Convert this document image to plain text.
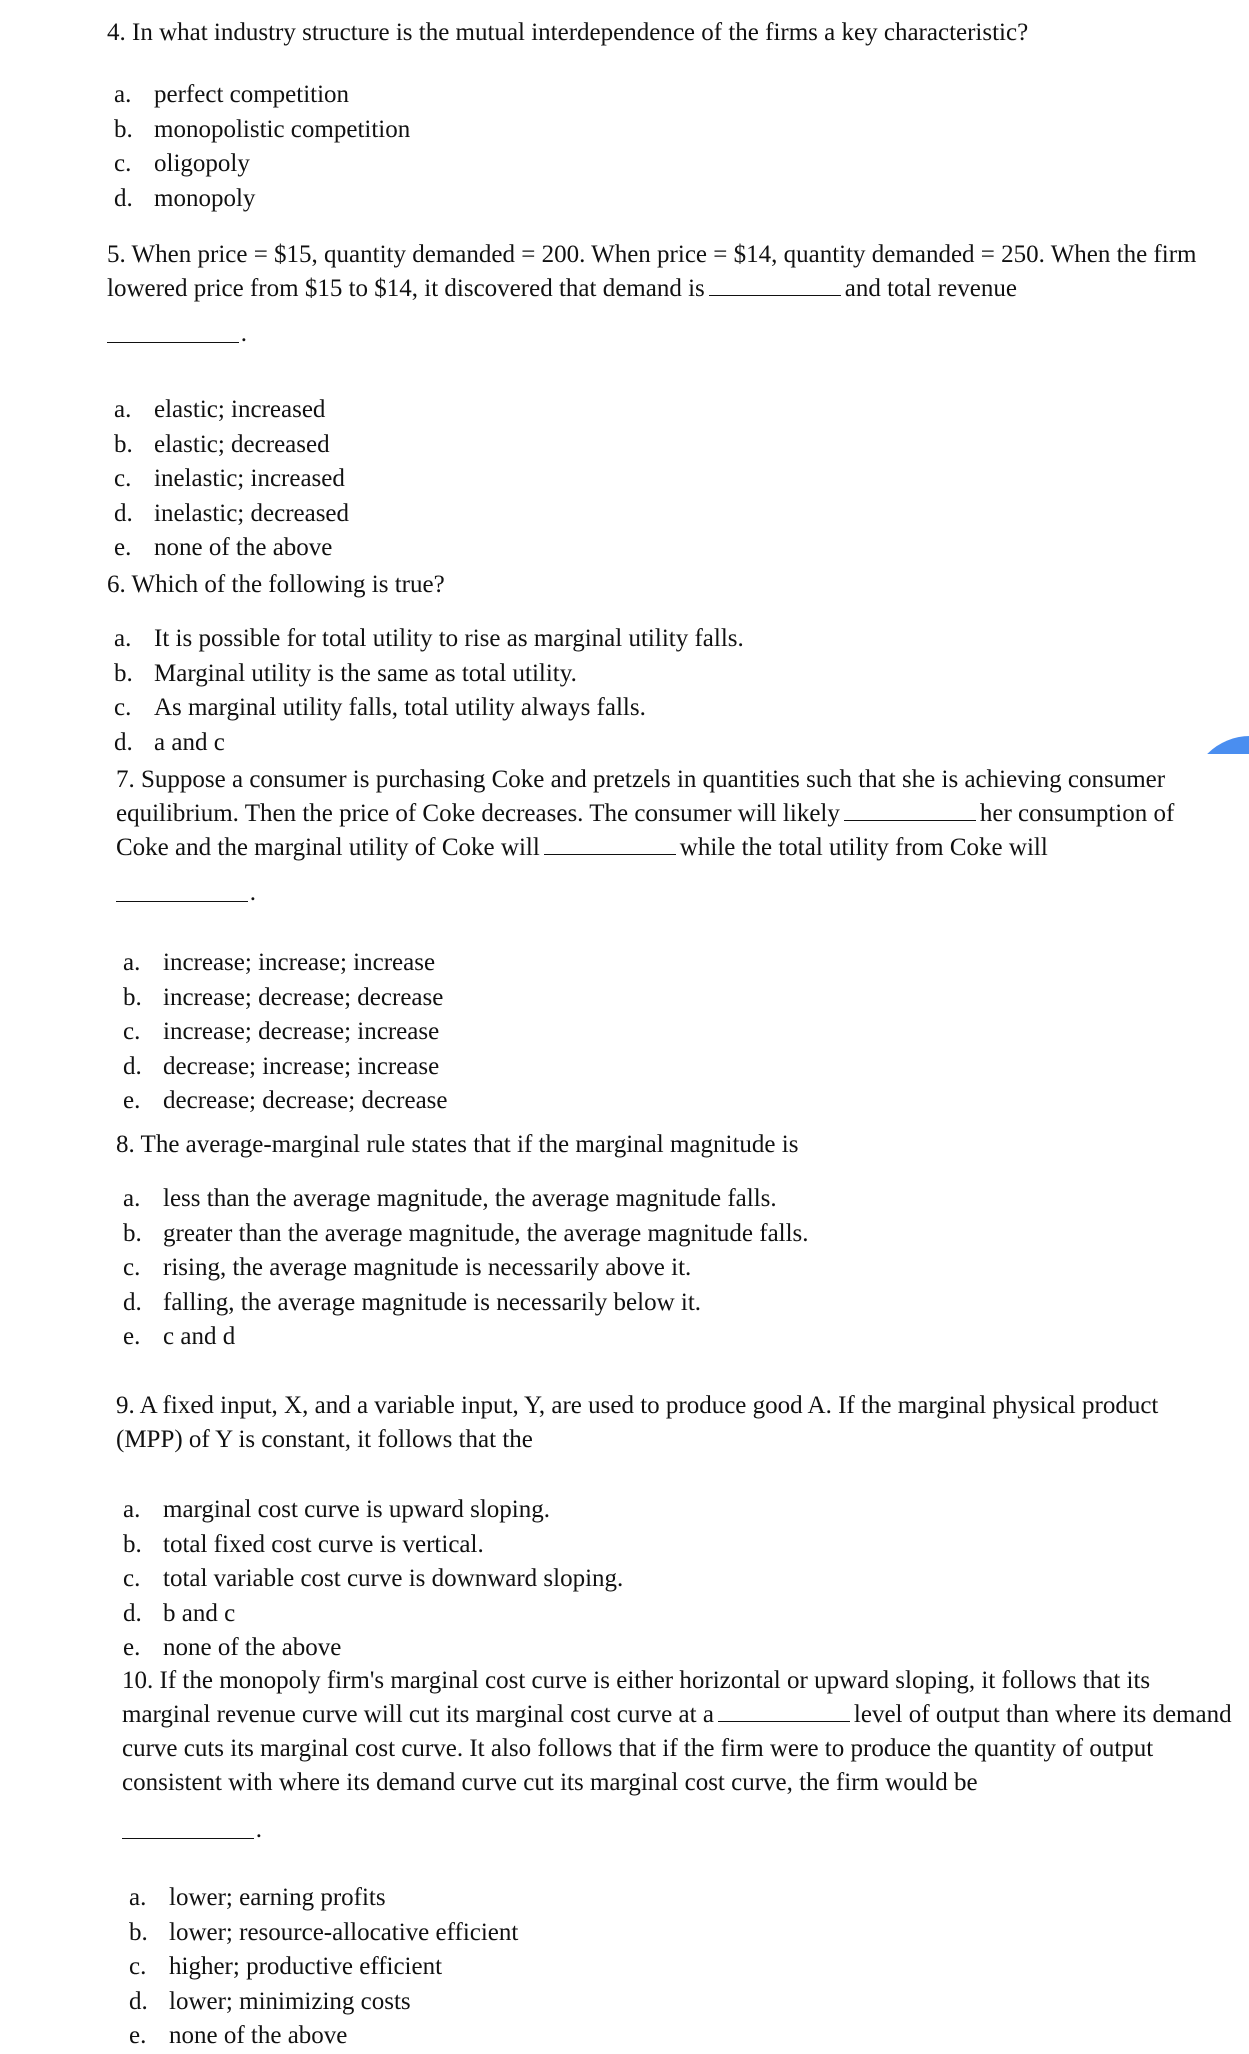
4. In what industry structure is the mutual interdependence of the firms a key characteristic?

a. perfect competition
b. monopolistic competition
c. oligopoly
d. monopoly

5. When price = $15, quantity demanded = 200. When price = $14, quantity demanded = 250. When the firm lowered price from $15 to $14, it discovered that demand is	and total revenue

.
a. elastic; increased
b. elastic; decreased
c. inelastic; increased
d. inelastic; decreased
e. none of the above

6. Which of the following is true?

a. It is possible for total utility to rise as marginal utility falls.
b. Marginal utility is the same as total utility.
c. As marginal utility falls, total utility always falls.
d. a and c

7. Suppose a consumer is purchasing Coke and pretzels in quantities such that she is achieving consumer equilibrium. Then the price of Coke decreases. The consumer will likely	her consumption of Coke and the marginal utility of Coke will	while the total utility from Coke will

.
a. increase; increase; increase
b. increase; decrease; decrease
c. increase; decrease; increase
d. decrease; increase; increase
e. decrease; decrease; decrease

8. The average-marginal rule states that if the marginal magnitude is

a. less than the average magnitude, the average magnitude falls.
b. greater than the average magnitude, the average magnitude falls.
c. rising, the average magnitude is necessarily above it.
d. falling, the average magnitude is necessarily below it.
e. c and d

9. A fixed input, X, and a variable input, Y, are used to produce good A. If the marginal physical product (MPP) of Y is constant, it follows that the

a. marginal cost curve is upward sloping.
b. total fixed cost curve is vertical.
c. total variable cost curve is downward sloping.
d. b and c
e. none of the above

10. If the monopoly firm's marginal cost curve is either horizontal or upward sloping, it follows that its marginal revenue curve will cut its marginal cost curve at a	level of output than where its demand curve cuts its marginal cost curve. It also follows that if the firm were to produce the quantity of output consistent with where its demand curve cut its marginal cost curve, the firm would be

.
a. lower; earning profits
b. lower; resource-allocative efficient
c. higher; productive efficient
d. lower; minimizing costs
e. none of the above
